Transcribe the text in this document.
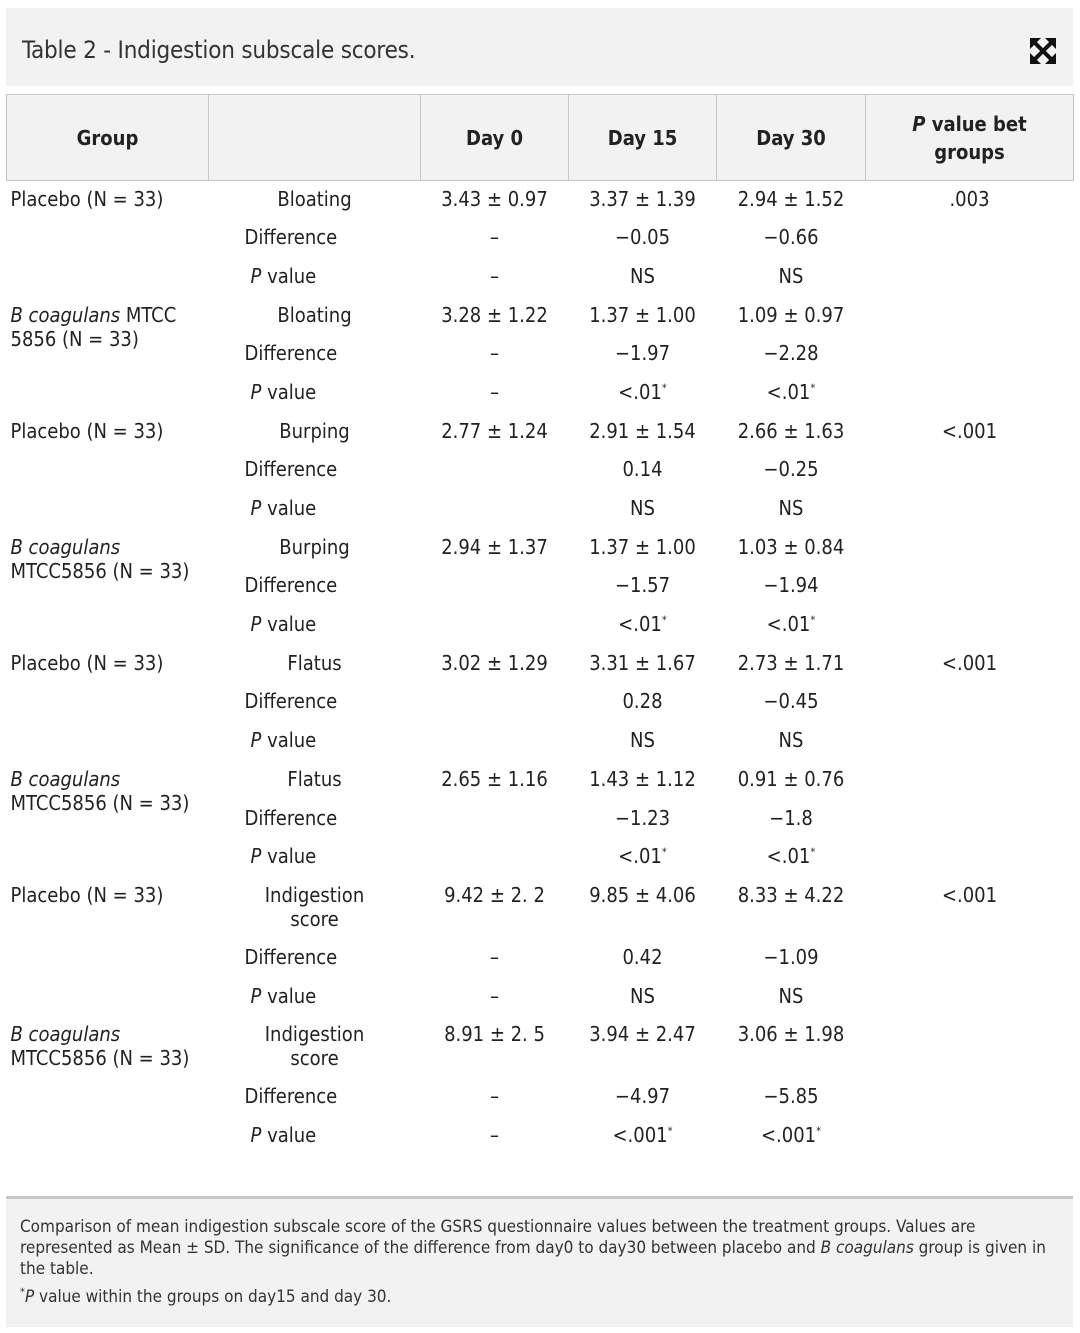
Table 2 - Indigestion subscale scores.
Group		Day 0	Day 15	Day 30	P value bet groups
Placebo (N = 33)	Bloating	3.43 ± 0.97	3.37 ± 1.39	2.94 ± 1.52	.003
	Difference	–	−0.05	−0.66	
	P value	–	NS	NS	
B coagulans MTCC 5856 (N = 33)	Bloating	3.28 ± 1.22	1.37 ± 1.00	1.09 ± 0.97	
	Difference	–	−1.97	−2.28	
	P value	–	<.01*	<.01*	
Placebo (N = 33)	Burping	2.77 ± 1.24	2.91 ± 1.54	2.66 ± 1.63	<.001
	Difference		0.14	−0.25	
	P value		NS	NS	
B coagulans MTCC5856 (N = 33)	Burping	2.94 ± 1.37	1.37 ± 1.00	1.03 ± 0.84	
	Difference		−1.57	−1.94	
	P value		<.01*	<.01*	
Placebo (N = 33)	Flatus	3.02 ± 1.29	3.31 ± 1.67	2.73 ± 1.71	<.001
	Difference		0.28	−0.45	
	P value		NS	NS	
B coagulans MTCC5856 (N = 33)	Flatus	2.65 ± 1.16	1.43 ± 1.12	0.91 ± 0.76	
	Difference		−1.23	−1.8	
	P value		<.01*	<.01*	
Placebo (N = 33)	Indigestion score	9.42 ± 2. 2	9.85 ± 4.06	8.33 ± 4.22	<.001
	Difference	–	0.42	−1.09	
	P value	–	NS	NS	
B coagulans MTCC5856 (N = 33)	Indigestion score	8.91 ± 2. 5	3.94 ± 2.47	3.06 ± 1.98	
	Difference	–	−4.97	−5.85	
	P value	–	<.001*	<.001*	
Comparison of mean indigestion subscale score of the GSRS questionnaire values between the treatment groups. Values are represented as Mean ± SD. The significance of the difference from day0 to day30 between placebo and B coagulans group is given in the table.
*P value within the groups on day15 and day 30.
